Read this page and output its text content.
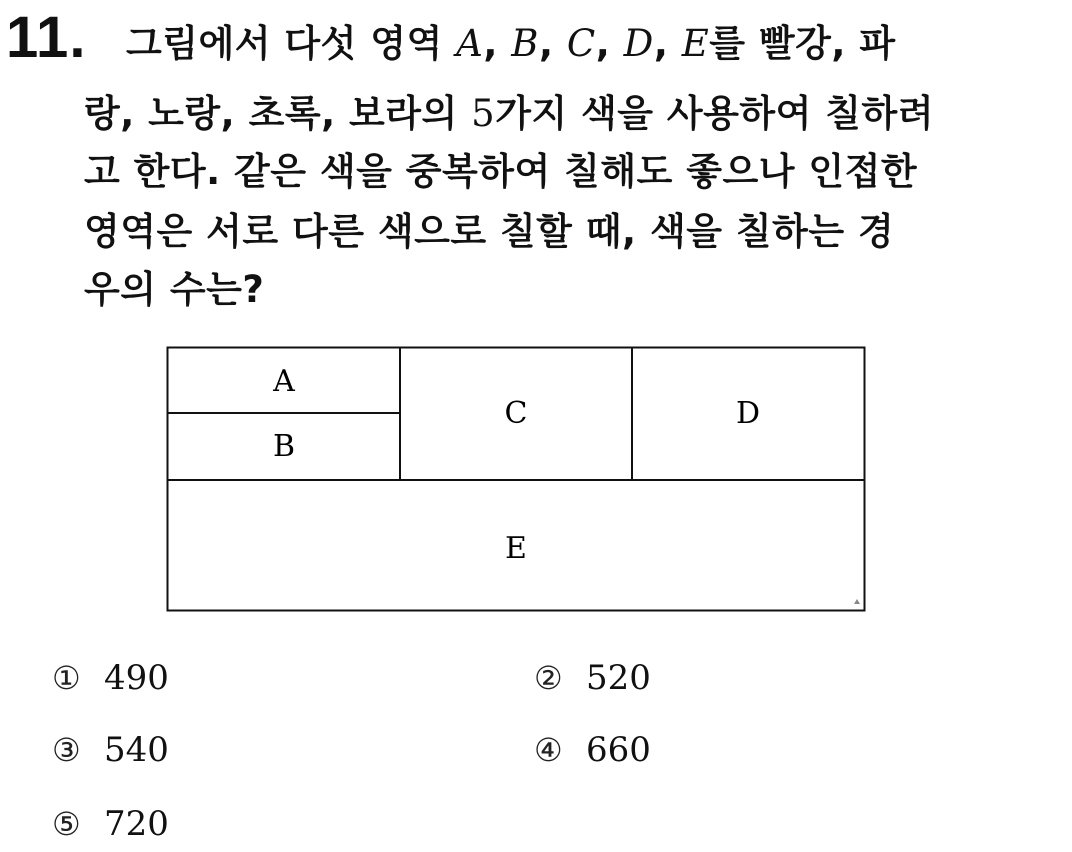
11. 그림에서 다섯 영역 A, B, C, D, E를 빨강, 파
랑, 노랑, 초록, 보라의 5가지 색을 사용하여 칠하려
고 한다. 같은 색을 중복하여 칠해도 좋으나 인접한
영역은 서로 다른 색으로 칠할 때, 색을 칠하는 경
우의 수는?
A
B
C	D
E
① 490	② 520
③ 540	④ 660
⑤ 720
